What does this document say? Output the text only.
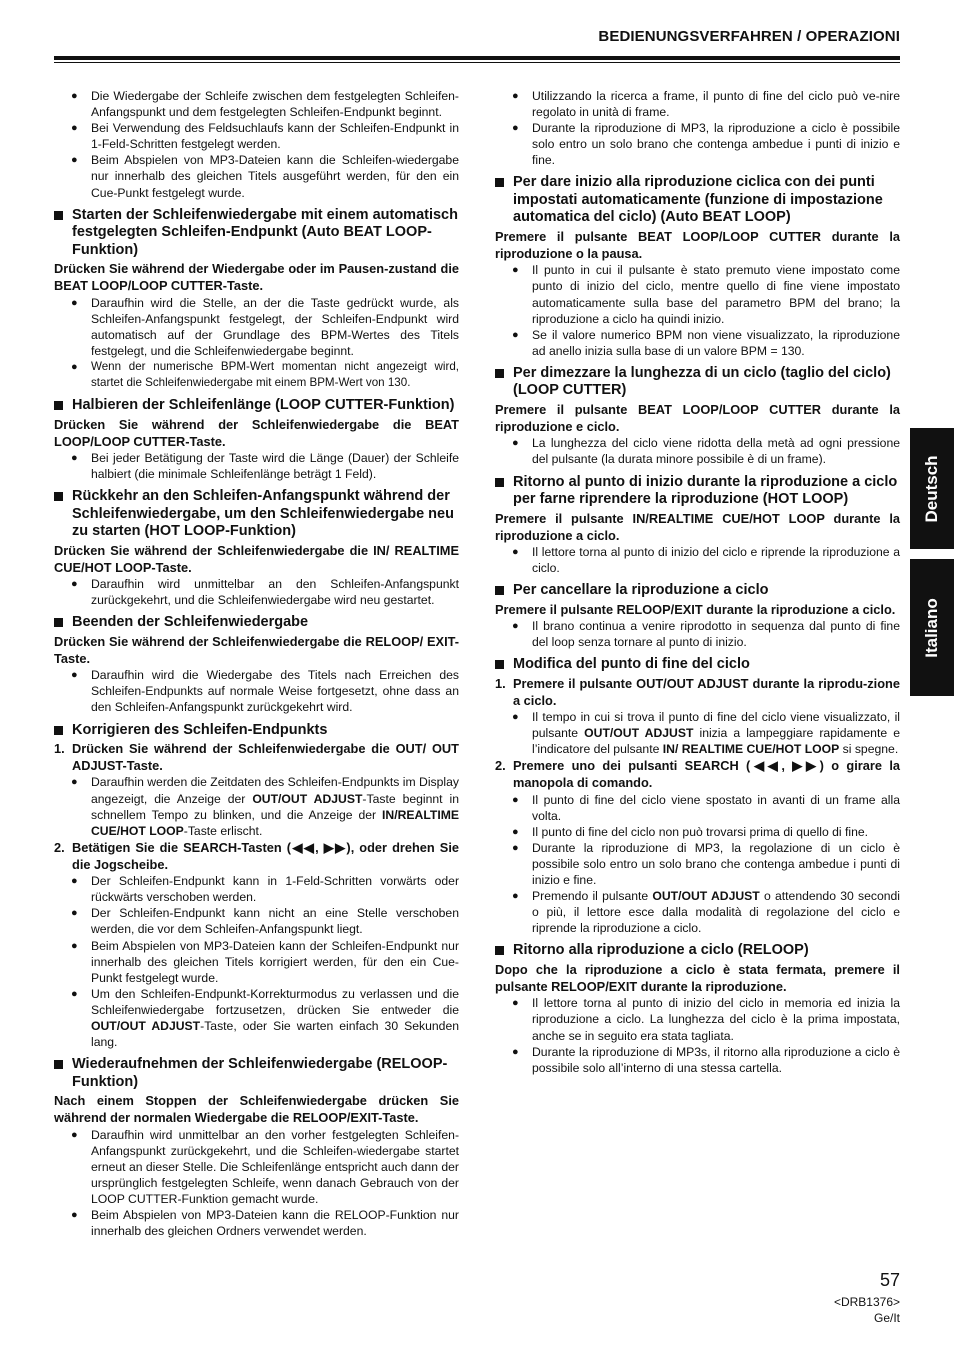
BEDIENUNGSVERFAHREN / OPERAZIONI
● Die Wiedergabe der Schleife zwischen dem festgelegten Schleifen-Anfangspunkt und dem festgelegten Schleifen-Endpunkt beginnt.
● Bei Verwendung des Feldsuchlaufs kann der Schleifen-Endpunkt in 1-Feld-Schritten festgelegt werden.
● Beim Abspielen von MP3-Dateien kann die Schleifen-wiedergabe nur innerhalb des gleichen Titels ausgeführt werden, für den ein Cue-Punkt festgelegt wurde.
Starten der Schleifenwiedergabe mit einem automatisch festgelegten Schleifen-Endpunkt (Auto BEAT LOOP-Funktion)
Drücken Sie während der Wiedergabe oder im Pausen-zustand die BEAT LOOP/LOOP CUTTER-Taste.
● Daraufhin wird die Stelle, an der die Taste gedrückt wurde, als Schleifen-Anfangspunkt festgelegt, der Schleifen-Endpunkt wird automatisch auf der Grundlage des BPM-Wertes des Titels festgelegt, und die Schleifenwiedergabe beginnt.
● Wenn der numerische BPM-Wert momentan nicht angezeigt wird, startet die Schleifenwiedergabe mit einem BPM-Wert von 130.
Halbieren der Schleifenlänge (LOOP CUTTER-Funktion)
Drücken Sie während der Schleifenwiedergabe die BEAT LOOP/LOOP CUTTER-Taste.
● Bei jeder Betätigung der Taste wird die Länge (Dauer) der Schleife halbiert (die minimale Schleifenlänge beträgt 1 Feld).
Rückkehr an den Schleifen-Anfangspunkt während der Schleifenwiedergabe, um den Schleifenwiedergabe neu zu starten (HOT LOOP-Funktion)
Drücken Sie während der Schleifenwiedergabe die IN/ REALTIME CUE/HOT LOOP-Taste.
● Daraufhin wird unmittelbar an den Schleifen-Anfangspunkt zurückgekehrt, und die Schleifenwiedergabe wird neu gestartet.
Beenden der Schleifenwiedergabe
Drücken Sie während der Schleifenwiedergabe die RELOOP/ EXIT-Taste.
● Daraufhin wird die Wiedergabe des Titels nach Erreichen des Schleifen-Endpunkts auf normale Weise fortgesetzt, ohne dass an den Schleifen-Anfangspunkt zurückgekehrt wird.
Korrigieren des Schleifen-Endpunkts
1. Drücken Sie während der Schleifenwiedergabe die OUT/ OUT ADJUST-Taste.
● Daraufhin werden die Zeitdaten des Schleifen-Endpunkts im Display angezeigt, die Anzeige der OUT/OUT ADJUST-Taste beginnt in schnellem Tempo zu blinken, und die Anzeige der IN/REALTIME CUE/HOT LOOP-Taste erlischt.
2. Betätigen Sie die SEARCH-Tasten (◀◀, ▶▶), oder drehen Sie die Jogscheibe.
● Der Schleifen-Endpunkt kann in 1-Feld-Schritten vorwärts oder rückwärts verschoben werden.
● Der Schleifen-Endpunkt kann nicht an eine Stelle verschoben werden, die vor dem Schleifen-Anfangspunkt liegt.
● Beim Abspielen von MP3-Dateien kann der Schleifen-Endpunkt nur innerhalb des gleichen Titels korrigiert werden, für den ein Cue-Punkt festgelegt wurde.
● Um den Schleifen-Endpunkt-Korrekturmodus zu verlassen und die Schleifenwiedergabe fortzusetzen, drücken Sie entweder die OUT/OUT ADJUST-Taste, oder Sie warten einfach 30 Sekunden lang.
Wiederaufnehmen der Schleifenwiedergabe (RELOOP-Funktion)
Nach einem Stoppen der Schleifenwiedergabe drücken Sie während der normalen Wiedergabe die RELOOP/EXIT-Taste.
● Daraufhin wird unmittelbar an den vorher festgelegten Schleifen-Anfangspunkt zurückgekehrt, und die Schleifen-wiedergabe startet erneut an dieser Stelle. Die Schleifenlänge entspricht auch dann der ursprünglich festgelegten Schleife, wenn danach Gebrauch von der LOOP CUTTER-Funktion gemacht wurde.
● Beim Abspielen von MP3-Dateien kann die RELOOP-Funktion nur innerhalb des gleichen Ordners verwendet werden.
● Utilizzando la ricerca a frame, il punto di fine del ciclo può ve-nire regolato in unità di frame.
● Durante la riproduzione di MP3, la riproduzione a ciclo è possibile solo entro un solo brano che contenga ambedue i punti di inizio e fine.
Per dare inizio alla riproduzione ciclica con dei punti impostati automaticamente (funzione di impostazione automatica del ciclo) (Auto BEAT LOOP)
Premere il pulsante BEAT LOOP/LOOP CUTTER durante la riproduzione o la pausa.
● Il punto in cui il pulsante è stato premuto viene impostato come punto di inizio del ciclo, mentre quello di fine viene impostato automaticamente sulla base del parametro BPM del brano; la riproduzione a ciclo ha quindi inizio.
● Se il valore numerico BPM non viene visualizzato, la riproduzione ad anello inizia sulla base di un valore BPM = 130.
Per dimezzare la lunghezza di un ciclo (taglio del ciclo) (LOOP CUTTER)
Premere il pulsante BEAT LOOP/LOOP CUTTER durante la riproduzione e ciclo.
● La lunghezza del ciclo viene ridotta della metà ad ogni pressione del pulsante (la durata minore possibile è di un frame).
Ritorno al punto di inizio durante la riproduzione a ciclo per farne riprendere la riproduzione (HOT LOOP)
Premere il pulsante IN/REALTIME CUE/HOT LOOP durante la riproduzione a ciclo.
● Il lettore torna al punto di inizio del ciclo e riprende la riproduzione a ciclo.
Per cancellare la riproduzione a ciclo
Premere il pulsante RELOOP/EXIT durante la riproduzione a ciclo.
● Il brano continua a venire riprodotto in sequenza dal punto di fine del loop senza tornare al punto di inizio.
Modifica del punto di fine del ciclo
1. Premere il pulsante OUT/OUT ADJUST durante la riprodu-zione a ciclo.
● Il tempo in cui si trova il punto di fine del ciclo viene visualizzato, il pulsante OUT/OUT ADJUST inizia a lampeggiare rapidamente e l’indicatore del pulsante IN/ REALTIME CUE/HOT LOOP si spegne.
2. Premere uno dei pulsanti SEARCH (◀◀, ▶▶) o girare la manopola di comando.
● Il punto di fine del ciclo viene spostato in avanti di un frame alla volta.
● Il punto di fine del ciclo non può trovarsi prima di quello di fine.
● Durante la riproduzione di MP3, la regolazione di un ciclo è possibile solo entro un solo brano che contenga ambedue i punti di inizio e fine.
● Premendo il pulsante OUT/OUT ADJUST o attendendo 30 secondi o più, il lettore esce dalla modalità di regolazione del ciclo e riprende la riproduzione a ciclo.
Ritorno alla riproduzione a ciclo (RELOOP)
Dopo che la riproduzione a ciclo è stata fermata, premere il pulsante RELOOP/EXIT durante la riproduzione.
● Il lettore torna al punto di inizio del ciclo in memoria ed inizia la riproduzione a ciclo. La lunghezza del ciclo è la prima impostata, anche se in seguito era stata tagliata.
● Durante la riproduzione di MP3s, il ritorno alla riproduzione a ciclo è possibile solo all’interno di una stessa cartella.
Deutsch
Italiano
57
<DRB1376>
Ge/It
